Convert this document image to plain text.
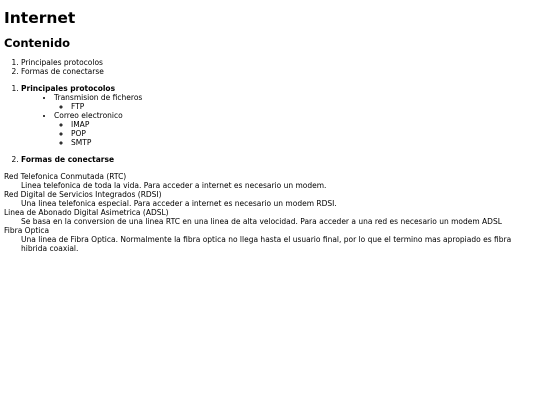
Internet
Contenido
1. Principales protocolos
2. Formas de conectarse
1. Principales protocolos
• Transmision de ficheros
◦ FTP
• Correo electronico
◦ IMAP
◦ POP
◦ SMTP
2. Formas de conectarse
Red Telefonica Conmutada (RTC)
Linea telefonica de toda la vida. Para acceder a internet es necesario un modem.
Red Digital de Servicios Integrados (RDSI)
Una linea telefonica especial. Para acceder a internet es necesario un modem RDSI.
Linea de Abonado Digital Asimetrica (ADSL)
Se basa en la conversion de una linea RTC en una linea de alta velocidad. Para acceder a una red es necesario un modem ADSL
Fibra Optica
Una linea de Fibra Optica. Normalmente la fibra optica no llega hasta el usuario final, por lo que el termino mas apropiado es fibra hibrida coaxial.
